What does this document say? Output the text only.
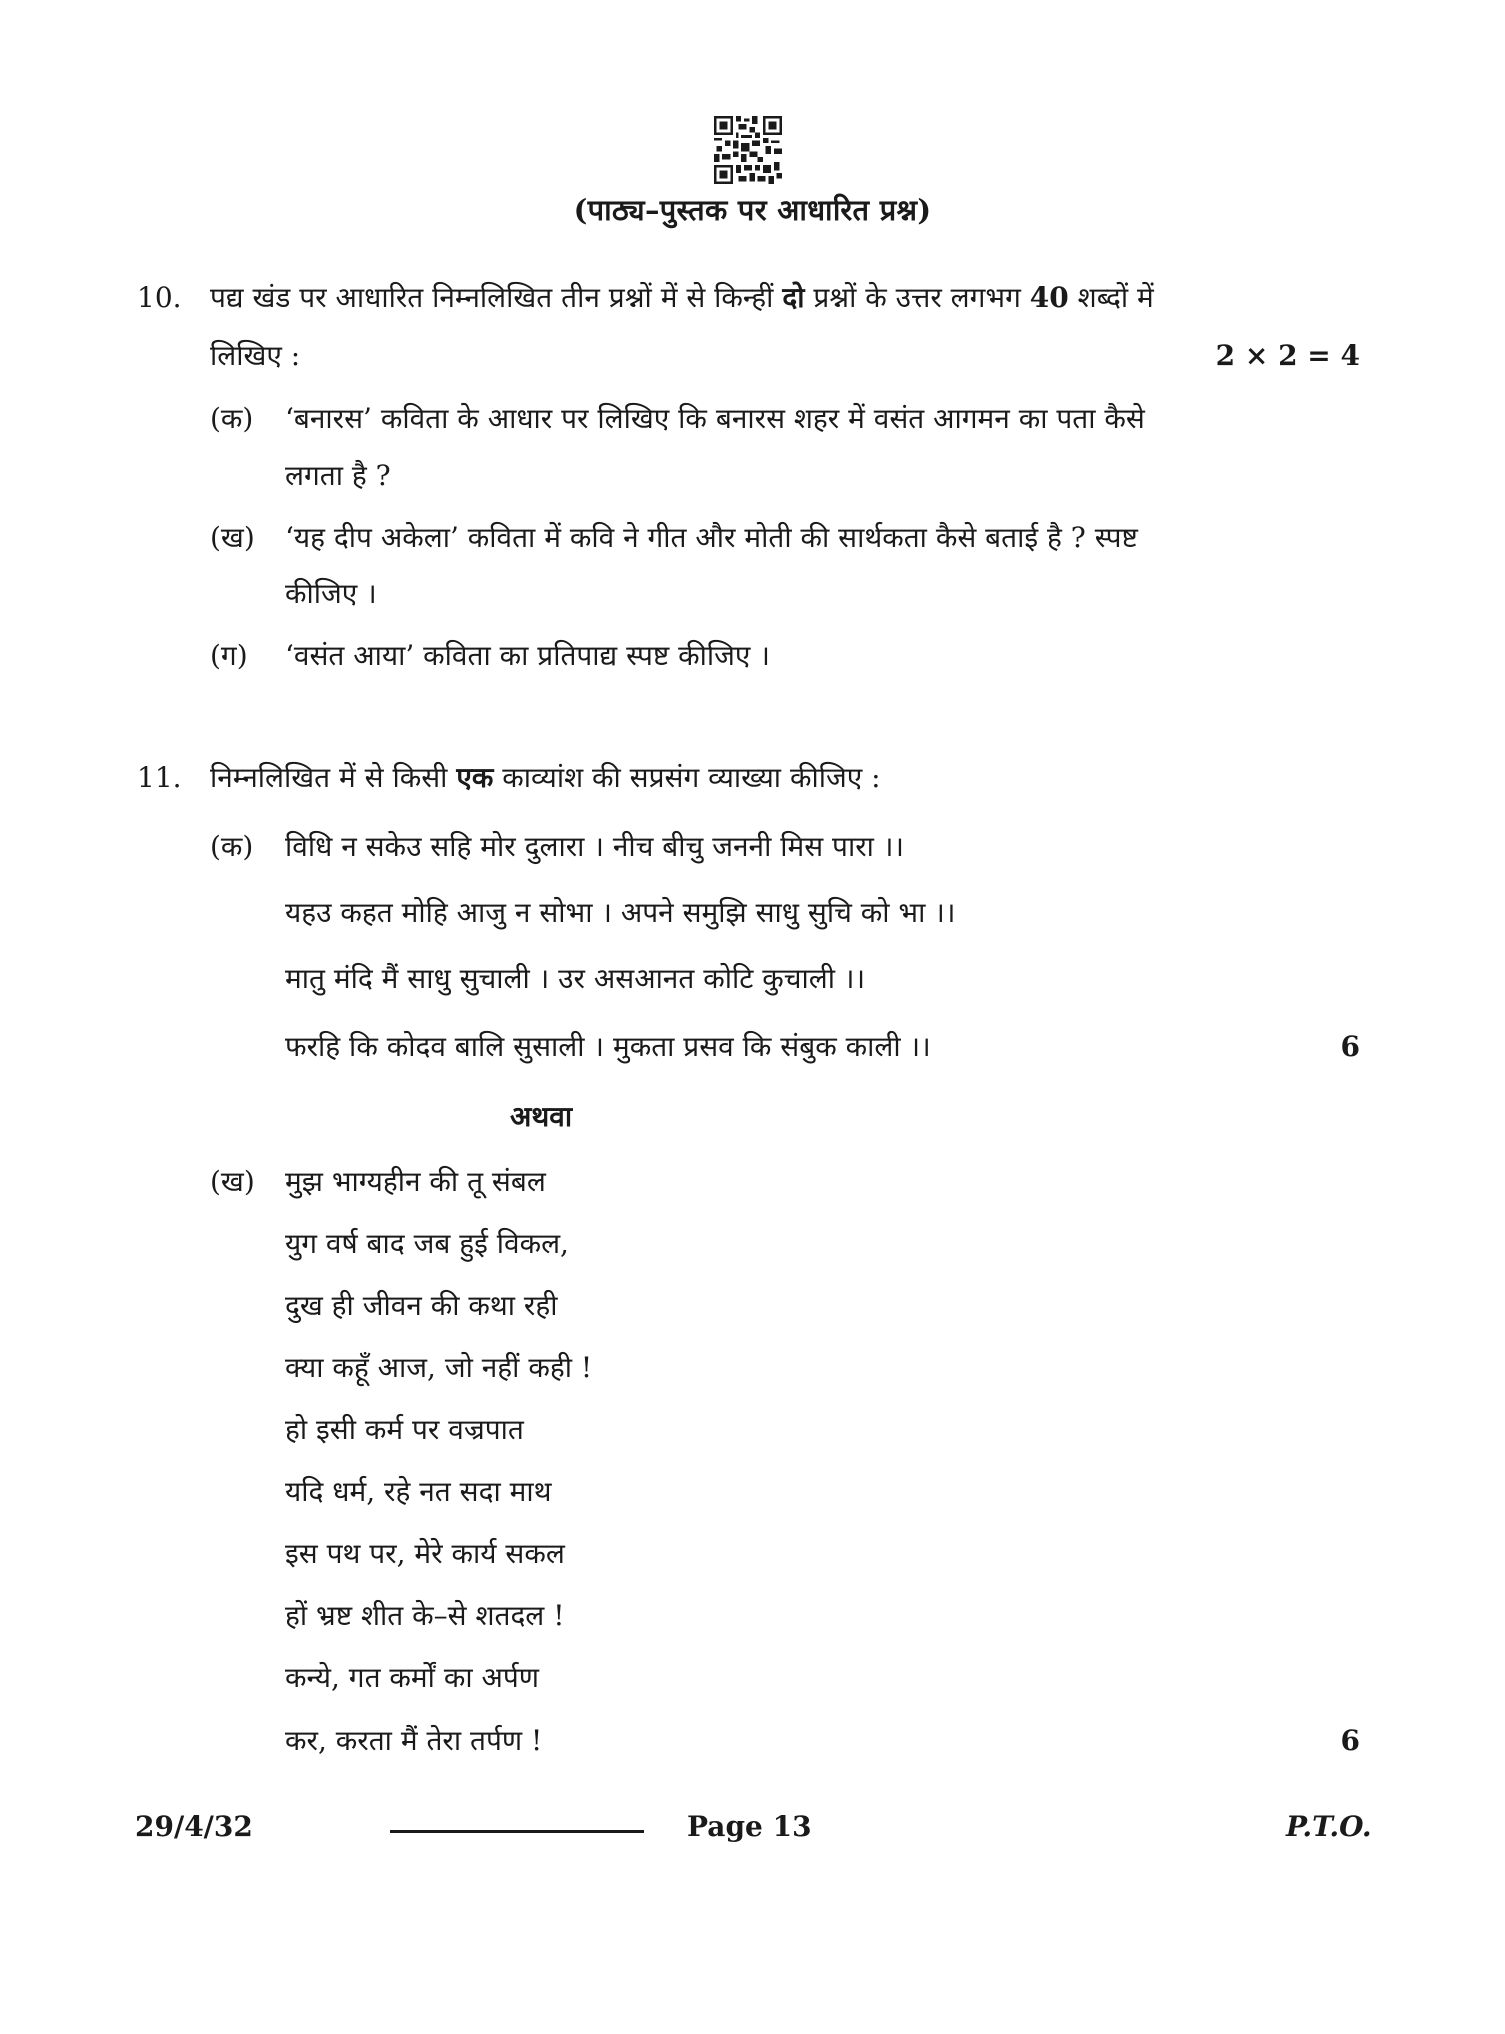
(पाठ्य–पुस्तक पर आधारित प्रश्न)
10. पद्य खंड पर आधारित निम्नलिखित तीन प्रश्नों में से किन्हीं दो प्रश्नों के उत्तर लगभग 40 शब्दों में
लिखिए :	2 × 2 = 4
(क) ‘बनारस’ कविता के आधार पर लिखिए कि बनारस शहर में वसंत आगमन का पता कैसे
लगता है ?
(ख) ‘यह दीप अकेला’ कविता में कवि ने गीत और मोती की सार्थकता कैसे बताई है ? स्पष्ट
कीजिए ।
(ग) ‘वसंत आया’ कविता का प्रतिपाद्य स्पष्ट कीजिए ।
11. निम्नलिखित में से किसी एक काव्यांश की सप्रसंग व्याख्या कीजिए :
(क) विधि न सकेउ सहि मोर दुलारा । नीच बीचु जननी मिस पारा ।।
यहउ कहत मोहि आजु न सोभा । अपने समुझि साधु सुचि को भा ।।
मातु मंदि मैं साधु सुचाली । उर असआनत कोटि कुचाली ।।
फरहि कि कोदव बालि सुसाली । मुकता प्रसव कि संबुक काली ।।	6
अथवा
(ख) मुझ भाग्यहीन की तू संबल
युग वर्ष बाद जब हुई विकल,
दुख ही जीवन की कथा रही
क्या कहूँ आज, जो नहीं कही !
हो इसी कर्म पर वज्रपात
यदि धर्म, रहे नत सदा माथ
इस पथ पर, मेरे कार्य सकल
हों भ्रष्ट शीत के–से शतदल !
कन्ये, गत कर्मों का अर्पण
कर, करता मैं तेरा तर्पण !	6
29/4/32	Page 13	P.T.O.
